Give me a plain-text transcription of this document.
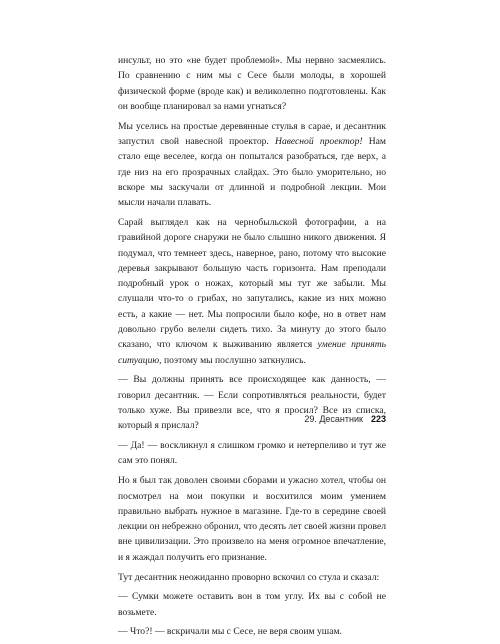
инсульт, но это «не будет проблемой». Мы нервно засмеялись. По сравнению с ним мы с Сесе были молоды, в хорошей физической форме (вроде как) и великолепно подготовлены. Как он вообще планировал за нами угнаться?

Мы уселись на простые деревянные стулья в сарае, и десантник запустил свой навесной проектор. Навесной проектор! Нам стало еще веселее, когда он попытался разобраться, где верх, а где низ на его прозрачных слайдах. Это было уморительно, но вскоре мы заскучали от длинной и подробной лекции. Мои мысли начали плавать.

Сарай выглядел как на чернобыльской фотографии, а на гравийной дороге снаружи не было слышно никого движения. Я подумал, что темнеет здесь, наверное, рано, потому что высокие деревья закрывают большую часть горизонта. Нам преподали подробный урок о ножах, который мы тут же забыли. Мы слушали что-то о грибах, но запутались, какие из них можно есть, а какие — нет. Мы попросили было кофе, но в ответ нам довольно грубо велели сидеть тихо. За минуту до этого было сказано, что ключом к выживанию является умение принять ситуацию, поэтому мы послушно заткнулись.

— Вы должны принять все происходящее как данность, — говорил десантник. — Если сопротивляться реальности, будет только хуже. Вы привезли все, что я просил? Все из списка, который я прислал?

— Да! — воскликнул я слишком громко и нетерпеливо и тут же сам это понял.

Но я был так доволен своими сборами и ужасно хотел, чтобы он посмотрел на мои покупки и восхитился моим умением правильно выбрать нужное в магазине. Где-то в середине своей лекции он небрежно обронил, что десять лет своей жизни провел вне цивилизации. Это произвело на меня огромное впечатление, и я жаждал получить его признание.

Тут десантник неожиданно проворно вскочил со стула и сказал:

— Сумки можете оставить вон в том углу. Их вы с собой не возьмете.

— Что?! — вскричали мы с Сесе, не веря своим ушам.

29. Десантник 223
